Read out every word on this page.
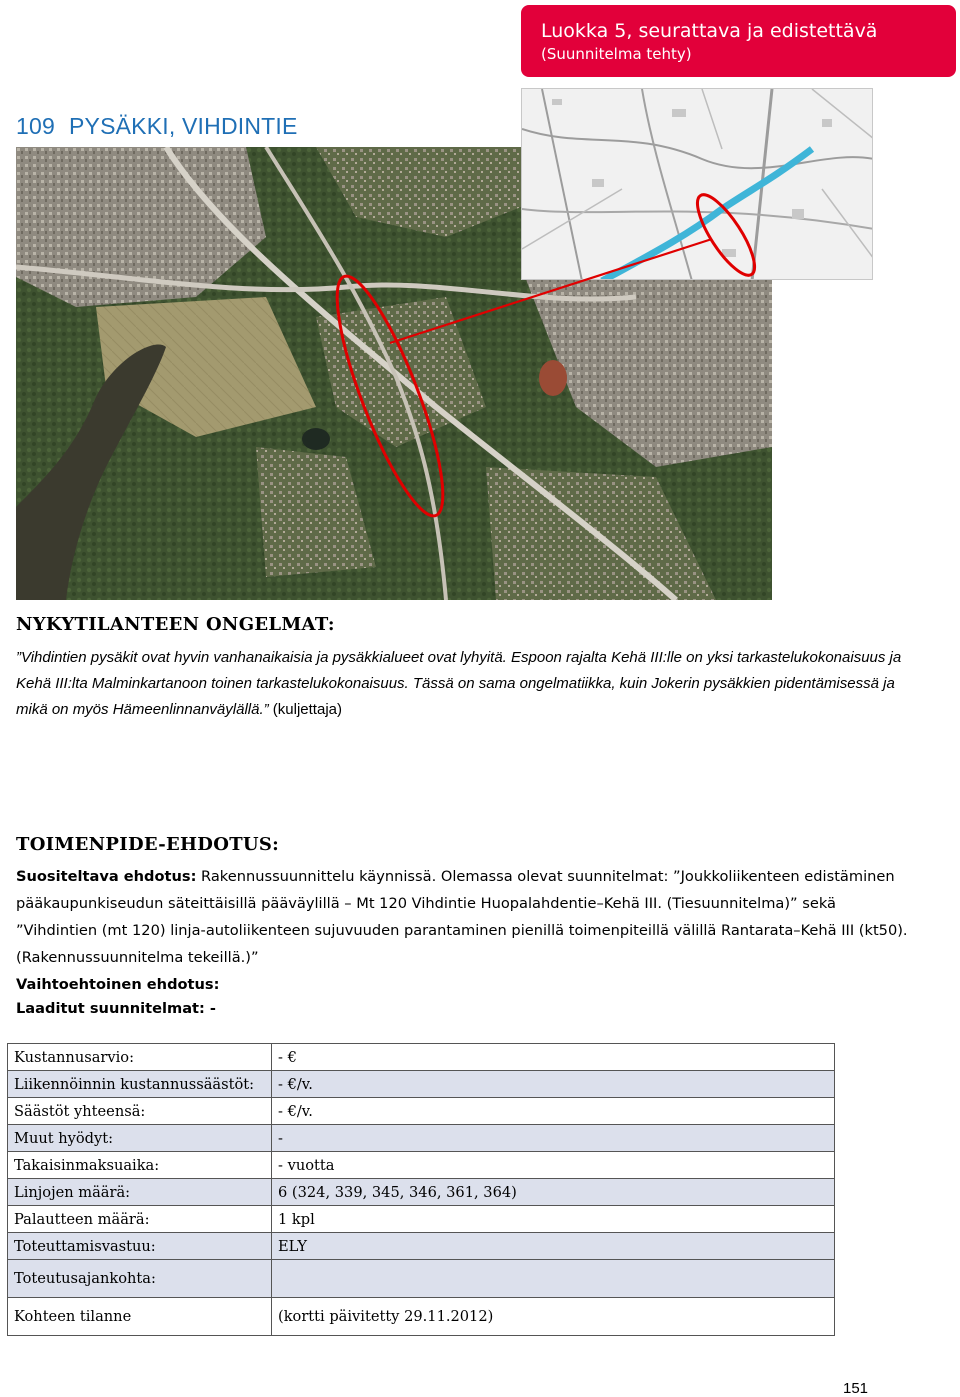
Luokka 5, seurattava ja edistettävä
(Suunnitelma tehty)
109 PYSÄKKI, VIHDINTIE
NYKYTILANTEEN ONGELMAT:
”Vihdintien pysäkit ovat hyvin vanhanaikaisia ja pysäkkialueet ovat lyhyitä. Espoon rajalta Kehä III:lle on yksi tarkastelukokonaisuus ja Kehä III:lta Malminkartanoon toinen tarkastelukokonaisuus. Tässä on sama ongelmatiikka, kuin Jokerin pysäkkien pidentämisessä ja mikä on myös Hämeenlinnanväylällä.” (kuljettaja)
TOIMENPIDE-EHDOTUS:
Suositeltava ehdotus: Rakennussuunnittelu käynnissä. Olemassa olevat suunnitelmat: ”Joukkoliikenteen edistäminen pääkaupunkiseudun säteittäisillä pääväylillä – Mt 120 Vihdintie Huopalahdentie–Kehä III. (Tiesuunnitelma)” sekä ”Vihdintien (mt 120) linja-autoliikenteen sujuvuuden parantaminen pienillä toimenpiteillä välillä Rantarata–Kehä III (kt50). (Rakennussuunnitelma tekeillä.)”
Vaihtoehtoinen ehdotus:
Laaditut suunnitelmat: -
Kustannusarvio:	- €
Liikennöinnin kustannussäästöt:	- €/v.
Säästöt yhteensä:	- €/v.
Muut hyödyt:	-
Takaisinmaksuaika:	- vuotta
Linjojen määrä:	6 (324, 339, 345, 346, 361, 364)
Palautteen määrä:	1 kpl
Toteuttamisvastuu:	ELY
Toteutusajankohta:	
Kohteen tilanne	(kortti päivitetty 29.11.2012)
151
